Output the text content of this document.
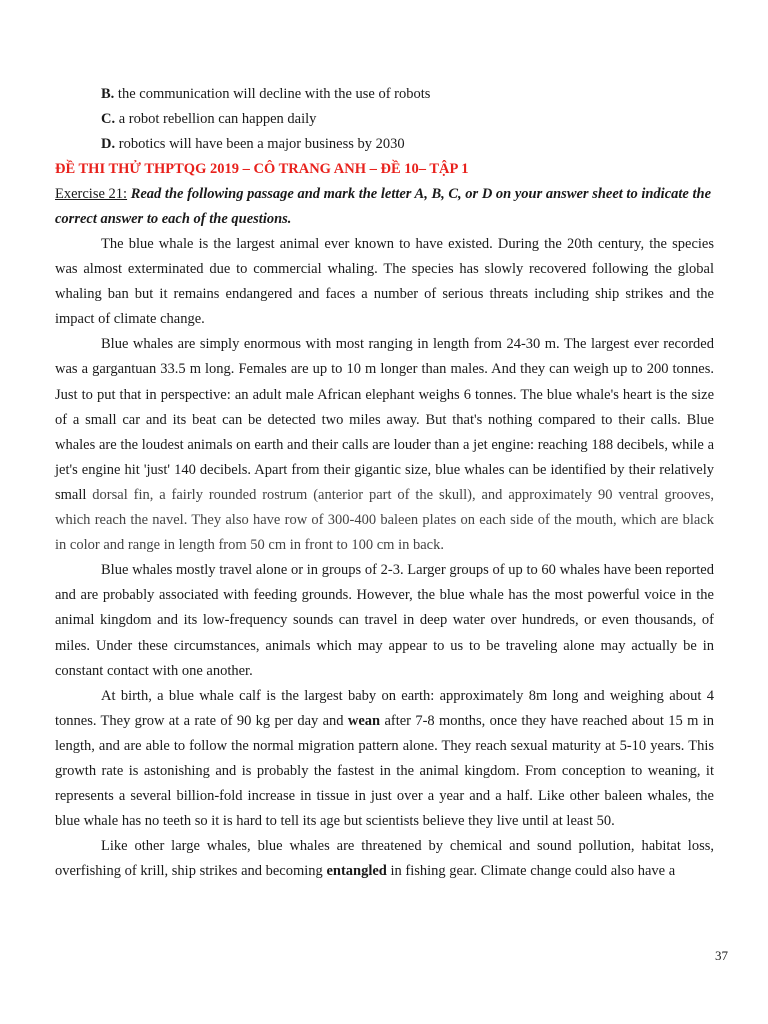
B. the communication will decline with the use of robots
C. a robot rebellion can happen daily
D. robotics will have been a major business by 2030
ĐỀ THI THỬ THPTQG 2019 – CÔ TRANG ANH – ĐỀ 10– TẬP 1
Exercise 21: Read the following passage and mark the letter A, B, C, or D on your answer sheet to indicate the correct answer to each of the questions.

The blue whale is the largest animal ever known to have existed. During the 20th century, the species was almost exterminated due to commercial whaling. The species has slowly recovered following the global whaling ban but it remains endangered and faces a number of serious threats including ship strikes and the impact of climate change.

Blue whales are simply enormous with most ranging in length from 24-30 m. The largest ever recorded was a gargantuan 33.5 m long. Females are up to 10 m longer than males. And they can weigh up to 200 tonnes. Just to put that in perspective: an adult male African elephant weighs 6 tonnes. The blue whale's heart is the size of a small car and its beat can be detected two miles away. But that's nothing compared to their calls. Blue whales are the loudest animals on earth and their calls are louder than a jet engine: reaching 188 decibels, while a jet's engine hit 'just' 140 decibels. Apart from their gigantic size, blue whales can be identified by their relatively small dorsal fin, a fairly rounded rostrum (anterior part of the skull), and approximately 90 ventral grooves, which reach the navel. They also have row of 300-400 baleen plates on each side of the mouth, which are black in color and range in length from 50 cm in front to 100 cm in back.

Blue whales mostly travel alone or in groups of 2-3. Larger groups of up to 60 whales have been reported and are probably associated with feeding grounds. However, the blue whale has the most powerful voice in the animal kingdom and its low-frequency sounds can travel in deep water over hundreds, or even thousands, of miles. Under these circumstances, animals which may appear to us to be traveling alone may actually be in constant contact with one another.

At birth, a blue whale calf is the largest baby on earth: approximately 8m long and weighing about 4 tonnes. They grow at a rate of 90 kg per day and wean after 7-8 months, once they have reached about 15 m in length, and are able to follow the normal migration pattern alone. They reach sexual maturity at 5-10 years. This growth rate is astonishing and is probably the fastest in the animal kingdom. From conception to weaning, it represents a several billion-fold increase in tissue in just over a year and a half. Like other baleen whales, the blue whale has no teeth so it is hard to tell its age but scientists believe they live until at least 50.

Like other large whales, blue whales are threatened by chemical and sound pollution, habitat loss, overfishing of krill, ship strikes and becoming entangled in fishing gear. Climate change could also have a

37
